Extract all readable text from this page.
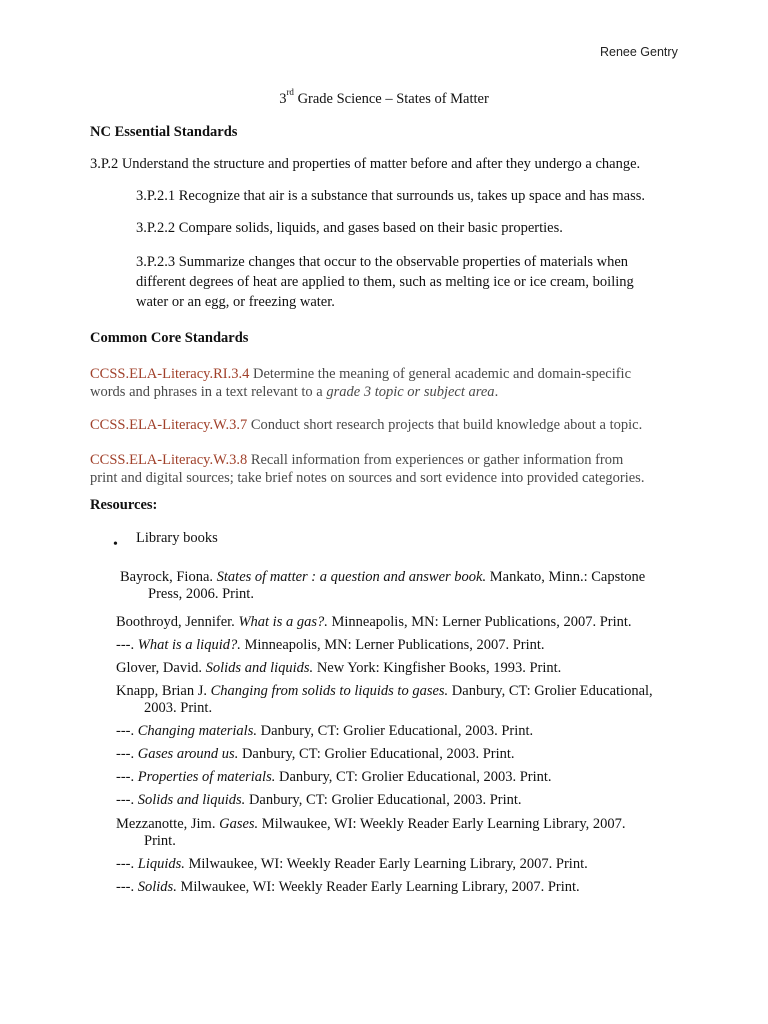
Renee Gentry
3rd Grade Science – States of Matter
NC Essential Standards
3.P.2 Understand the structure and properties of matter before and after they undergo a change.
3.P.2.1 Recognize that air is a substance that surrounds us, takes up space and has mass.
3.P.2.2 Compare solids, liquids, and gases based on their basic properties.
3.P.2.3 Summarize changes that occur to the observable properties of materials when
different degrees of heat are applied to them, such as melting ice or ice cream, boiling
water or an egg, or freezing water.
Common Core Standards
CCSS.ELA-Literacy.RI.3.4 Determine the meaning of general academic and domain-specific
words and phrases in a text relevant to a grade 3 topic or subject area.
CCSS.ELA-Literacy.W.3.7 Conduct short research projects that build knowledge about a topic.
CCSS.ELA-Literacy.W.3.8 Recall information from experiences or gather information from
print and digital sources; take brief notes on sources and sort evidence into provided categories.
Resources:
• Library books
Bayrock, Fiona. States of matter : a question and answer book. Mankato, Minn.: Capstone
Press, 2006. Print.
Boothroyd, Jennifer. What is a gas?. Minneapolis, MN: Lerner Publications, 2007. Print.
---. What is a liquid?. Minneapolis, MN: Lerner Publications, 2007. Print.
Glover, David. Solids and liquids. New York: Kingfisher Books, 1993. Print.
Knapp, Brian J. Changing from solids to liquids to gases. Danbury, CT: Grolier Educational,
2003. Print.
---. Changing materials. Danbury, CT: Grolier Educational, 2003. Print.
---. Gases around us. Danbury, CT: Grolier Educational, 2003. Print.
---. Properties of materials. Danbury, CT: Grolier Educational, 2003. Print.
---. Solids and liquids. Danbury, CT: Grolier Educational, 2003. Print.
Mezzanotte, Jim. Gases. Milwaukee, WI: Weekly Reader Early Learning Library, 2007.
Print.
---. Liquids. Milwaukee, WI: Weekly Reader Early Learning Library, 2007. Print.
---. Solids. Milwaukee, WI: Weekly Reader Early Learning Library, 2007. Print.
